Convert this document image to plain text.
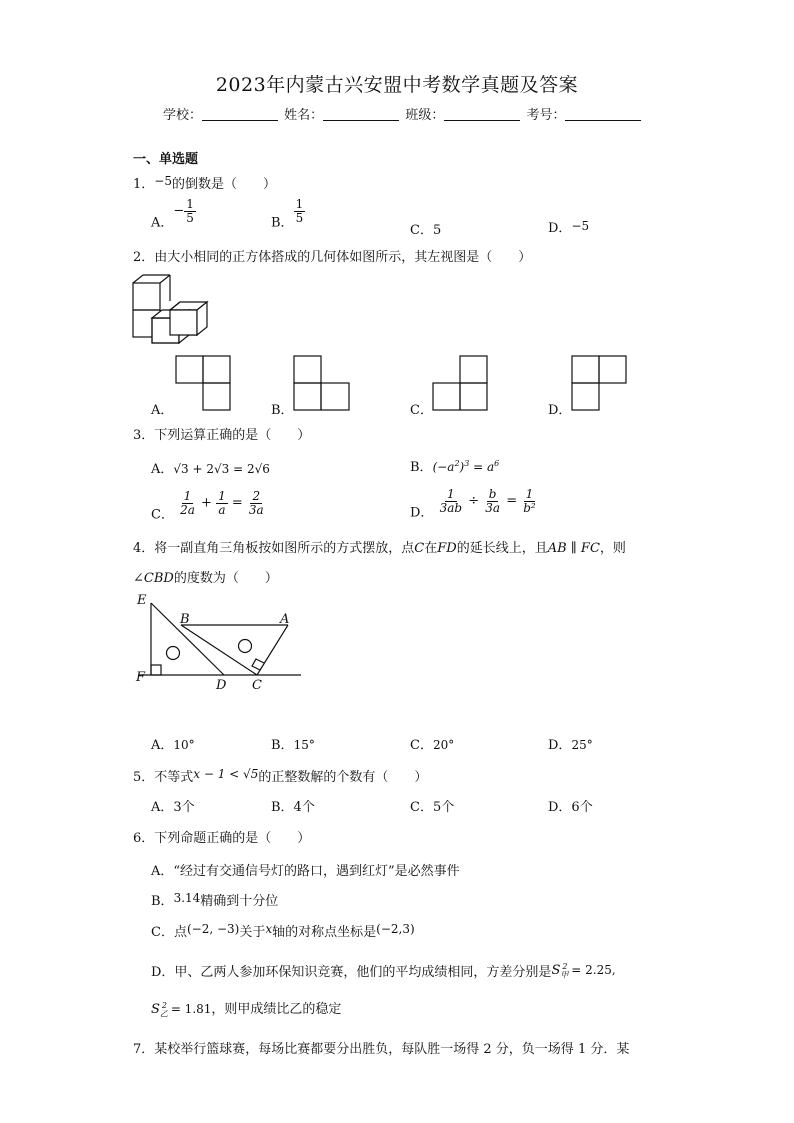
2023年内蒙古兴安盟中考数学真题及答案
学校：	姓名：	班级：	考号：
一、单选题
1．−5的倒数是（　　）
A．− $\frac{1}{5}$	B． $\frac{1}{5}$
C．5	D．−5
2．由大小相同的正方体搭成的几何体如图所示，其左视图是（　　）
A．	B．	C．	D．
3．下列运算正确的是（　　）
A．√3 + 2√3 = 2√6	B．$(-a^2)^3 = a^6$
C． $\frac{1}{2a} + \frac{1}{a} = \frac{2}{3a}$	D． $\frac{1}{3ab} \div \frac{b}{3a} = \frac{1}{\text{b²}}$
4．将一副直角三角板按如图所示的方式摆放，点C在FD的延长线上，且AB ∥ FC，则
∠CBD的度数为（　　）
E
B	A
F
D C
A．10°	B．15°	C．20°	D．25°
5．不等式x − 1 < √5的正整数解的个数有（　　）
A．3个	B．4个	C．5个	D．6个
6．下列命题正确的是（　　）
A．“经过有交通信号灯的路口，遇到红灯”是必然事件
B．3.14精确到十分位
C．点(−2, −3)关于x轴的对称点坐标是(−2,3)
D．甲、乙两人参加环保知识竞赛，他们的平均成绩相同，方差分别是$S_甲^2 = 2.25$,
$S_乙^2 = 1.81$，则甲成绩比乙的稳定
7．某校举行篮球赛，每场比赛都要分出胜负，每队胜一场得 2 分，负一场得 1 分．某
